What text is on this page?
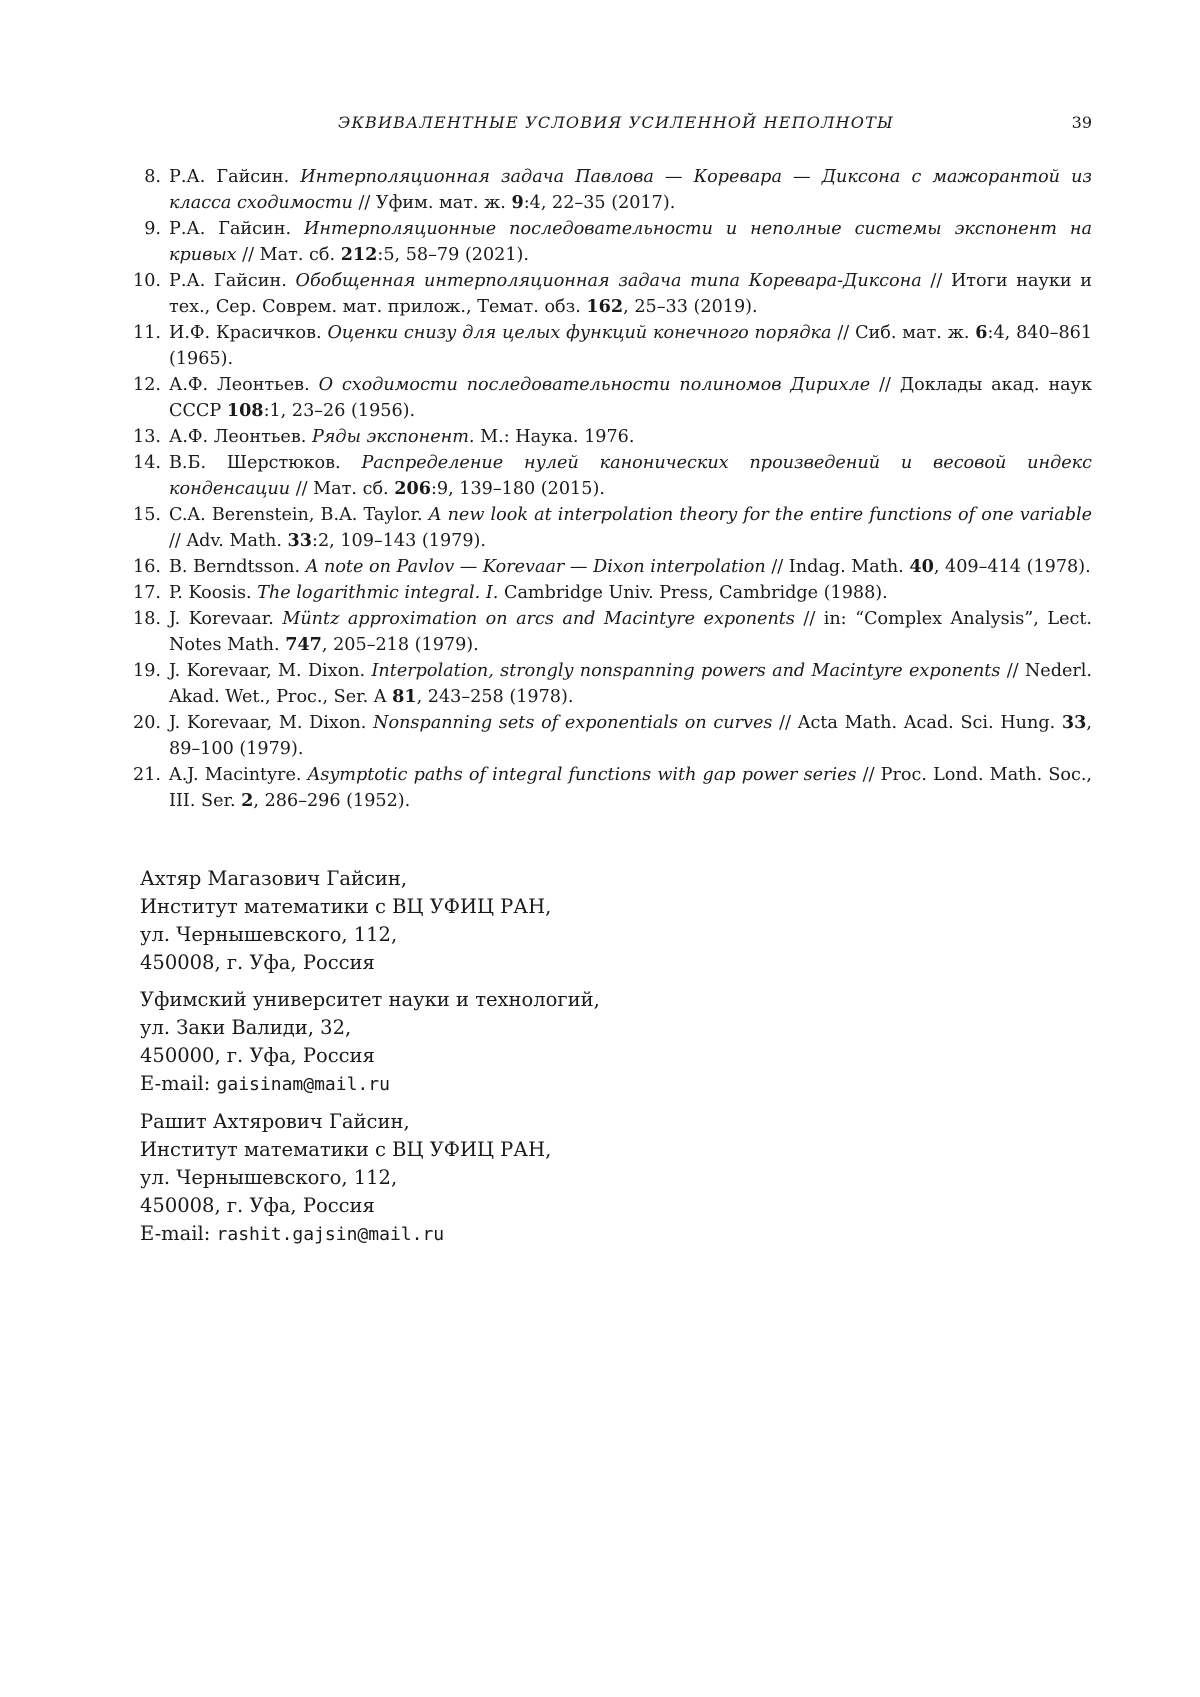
ЭКВИВАЛЕНТНЫЕ УСЛОВИЯ УСИЛЕННОЙ НЕПОЛНОТЫ	39
8. Р.А. Гайсин. Интерполяционная задача Павлова — Коревара — Диксона с мажорантой из класса сходимости // Уфим. мат. ж. 9:4, 22–35 (2017).
9. Р.А. Гайсин. Интерполяционные последовательности и неполные системы экспонент на кривых // Мат. сб. 212:5, 58–79 (2021).
10. Р.А. Гайсин. Обобщенная интерполяционная задача типа Коревара-Диксона // Итоги науки и тех., Сер. Соврем. мат. прилож., Темат. обз. 162, 25–33 (2019).
11. И.Ф. Красичков. Оценки снизу для целых функций конечного порядка // Сиб. мат. ж. 6:4, 840–861 (1965).
12. А.Ф. Леонтьев. О сходимости последовательности полиномов Дирихле // Доклады акад. наук СССР 108:1, 23–26 (1956).
13. А.Ф. Леонтьев. Ряды экспонент. М.: Наука. 1976.
14. В.Б. Шерстюков. Распределение нулей канонических произведений и весовой индекс конденсации // Мат. сб. 206:9, 139–180 (2015).
15. C.A. Berenstein, B.A. Taylor. A new look at interpolation theory for the entire functions of one variable // Adv. Math. 33:2, 109–143 (1979).
16. B. Berndtsson. A note on Pavlov — Korevaar — Dixon interpolation // Indag. Math. 40, 409–414 (1978).
17. P. Koosis. The logarithmic integral. I. Cambridge Univ. Press, Cambridge (1988).
18. J. Korevaar. Müntz approximation on arcs and Macintyre exponents // in: “Complex Analysis”, Lect. Notes Math. 747, 205–218 (1979).
19. J. Korevaar, M. Dixon. Interpolation, strongly nonspanning powers and Macintyre exponents // Nederl. Akad. Wet., Proc., Ser. A 81, 243–258 (1978).
20. J. Korevaar, M. Dixon. Nonspanning sets of exponentials on curves // Acta Math. Acad. Sci. Hung. 33, 89–100 (1979).
21. A.J. Macintyre. Asymptotic paths of integral functions with gap power series // Proc. Lond. Math. Soc., III. Ser. 2, 286–296 (1952).
Ахтяр Магазович Гайсин,
Институт математики с ВЦ УФИЦ РАН,
ул. Чернышевского, 112,
450008, г. Уфа, Россия
Уфимский университет науки и технологий,
ул. Заки Валиди, 32,
450000, г. Уфа, Россия
E-mail: gaisinam@mail.ru
Рашит Ахтярович Гайсин,
Институт математики с ВЦ УФИЦ РАН,
ул. Чернышевского, 112,
450008, г. Уфа, Россия
E-mail: rashit.gajsin@mail.ru
